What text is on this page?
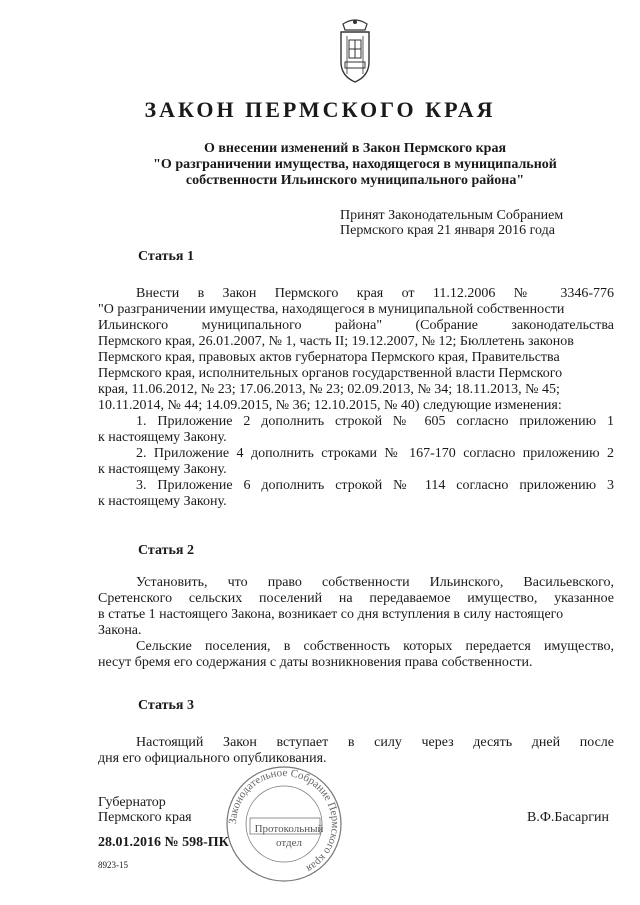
ЗАКОН ПЕРМСКОГО КРАЯ
О внесении изменений в Закон Пермского края
"О разграничении имущества, находящегося в муниципальной
собственности Ильинского муниципального района"
Принят Законодательным Собранием
Пермского края 21 января 2016 года
Статья 1
Внести в Закон Пермского края от 11.12.2006 № 3346-776
"О разграничении имущества, находящегося в муниципальной собственности
Ильинского муниципального района" (Собрание законодательства
Пермского края, 26.01.2007, № 1, часть II; 19.12.2007, № 12; Бюллетень законов
Пермского края, правовых актов губернатора Пермского края, Правительства
Пермского края, исполнительных органов государственной власти Пермского
края, 11.06.2012, № 23; 17.06.2013, № 23; 02.09.2013, № 34; 18.11.2013, № 45;
10.11.2014, № 44; 14.09.2015, № 36; 12.10.2015, № 40) следующие изменения:
1. Приложение 2 дополнить строкой № 605 согласно приложению 1
к настоящему Закону.
2. Приложение 4 дополнить строками № 167-170 согласно приложению 2
к настоящему Закону.
3. Приложение 6 дополнить строкой № 114 согласно приложению 3
к настоящему Закону.
Статья 2
Установить, что право собственности Ильинского, Васильевского,
Сретенского сельских поселений на передаваемое имущество, указанное
в статье 1 настоящего Закона, возникает со дня вступления в силу настоящего
Закона.
Сельские поселения, в собственность которых передается имущество,
несут бремя его содержания с даты возникновения права собственности.
Статья 3
Настоящий Закон вступает в силу через десять дней после
дня его официального опубликования.
Законодательное Собрание Пермского края
Протокольный
отдел
Губернатор
Пермского края	В.Ф.Басаргин
28.01.2016 № 598-ПК
8923-15
